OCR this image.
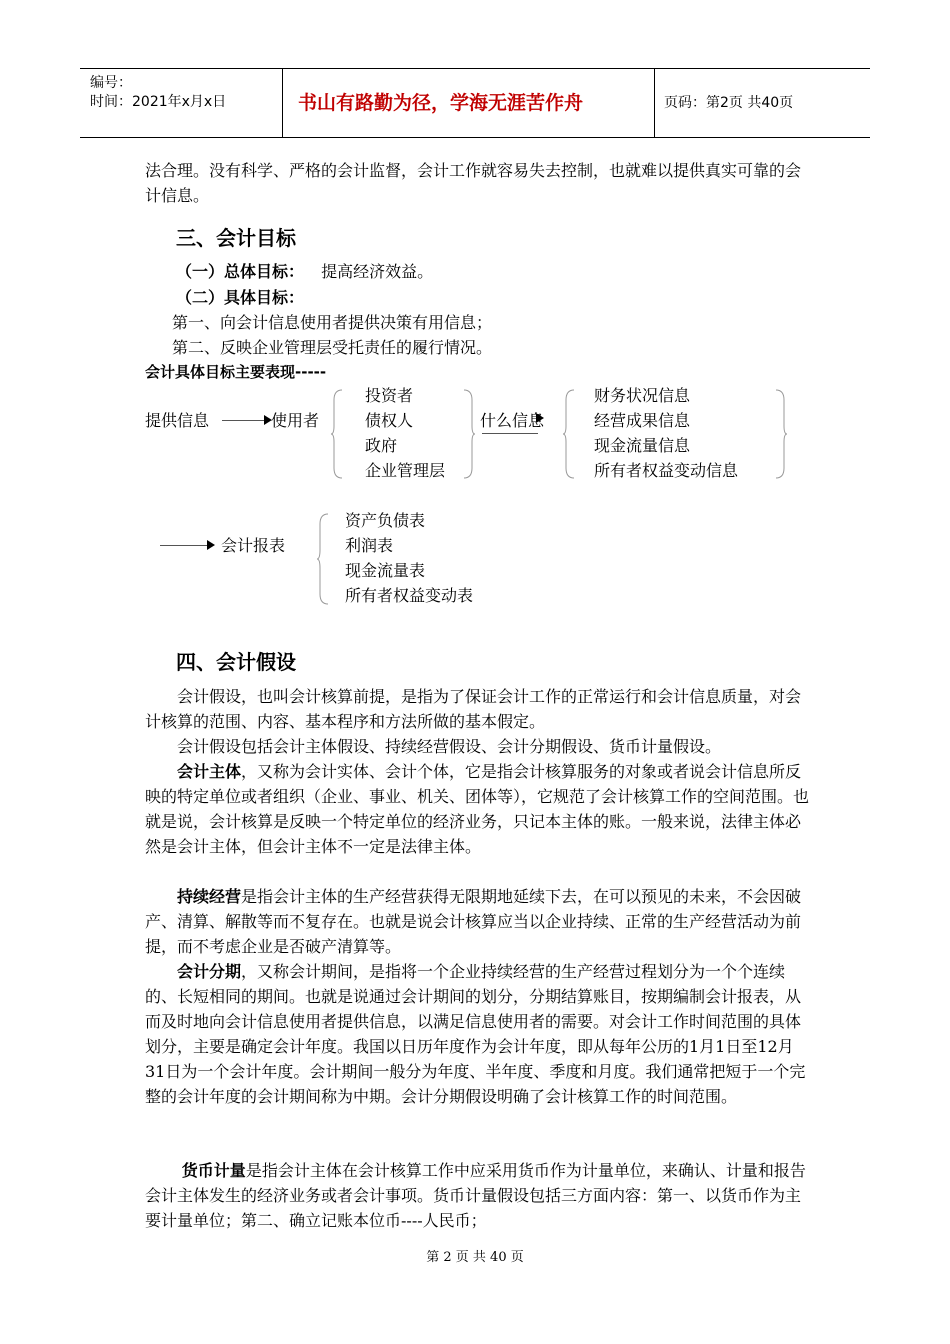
编号：
时间：2021年x月x日	书山有路勤为径，学海无涯苦作舟	页码：第2页 共40页
法合理。没有科学、严格的会计监督，会计工作就容易失去控制，也就难以提供真实可靠的会计信息。
三、会计目标
（一）总体目标： 提高经济效益。
（二）具体目标：
第一、向会计信息使用者提供决策有用信息；
第二、反映企业管理层受托责任的履行情况。
会计具体目标主要表现-----
提供信息	使用者
投资者
债权人
政府
企业管理层
什么信息
财务状况信息
经营成果信息
现金流量信息
所有者权益变动信息
会计报表
资产负债表
利润表
现金流量表
所有者权益变动表
四、会计假设
会计假设，也叫会计核算前提，是指为了保证会计工作的正常运行和会计信息质量，对会计核算的范围、内容、基本程序和方法所做的基本假定。
会计假设包括会计主体假设、持续经营假设、会计分期假设、货币计量假设。
会计主体，又称为会计实体、会计个体，它是指会计核算服务的对象或者说会计信息所反映的特定单位或者组织（企业、事业、机关、团体等），它规范了会计核算工作的空间范围。也就是说，会计核算是反映一个特定单位的经济业务，只记本主体的账。一般来说，法律主体必然是会计主体，但会计主体不一定是法律主体。
持续经营是指会计主体的生产经营获得无限期地延续下去，在可以预见的未来，不会因破产、清算、解散等而不复存在。也就是说会计核算应当以企业持续、正常的生产经营活动为前提，而不考虑企业是否破产清算等。
会计分期，又称会计期间，是指将一个企业持续经营的生产经营过程划分为一个个连续的、长短相同的期间。也就是说通过会计期间的划分，分期结算账目，按期编制会计报表，从而及时地向会计信息使用者提供信息，以满足信息使用者的需要。对会计工作时间范围的具体划分，主要是确定会计年度。我国以日历年度作为会计年度，即从每年公历的1月1日至12月31日为一个会计年度。会计期间一般分为年度、半年度、季度和月度。我们通常把短于一个完整的会计年度的会计期间称为中期。会计分期假设明确了会计核算工作的时间范围。
货币计量是指会计主体在会计核算工作中应采用货币作为计量单位，来确认、计量和报告会计主体发生的经济业务或者会计事项。货币计量假设包括三方面内容：第一、以货币作为主要计量单位；第二、确立记账本位币----人民币；
第 2 页 共 40 页
